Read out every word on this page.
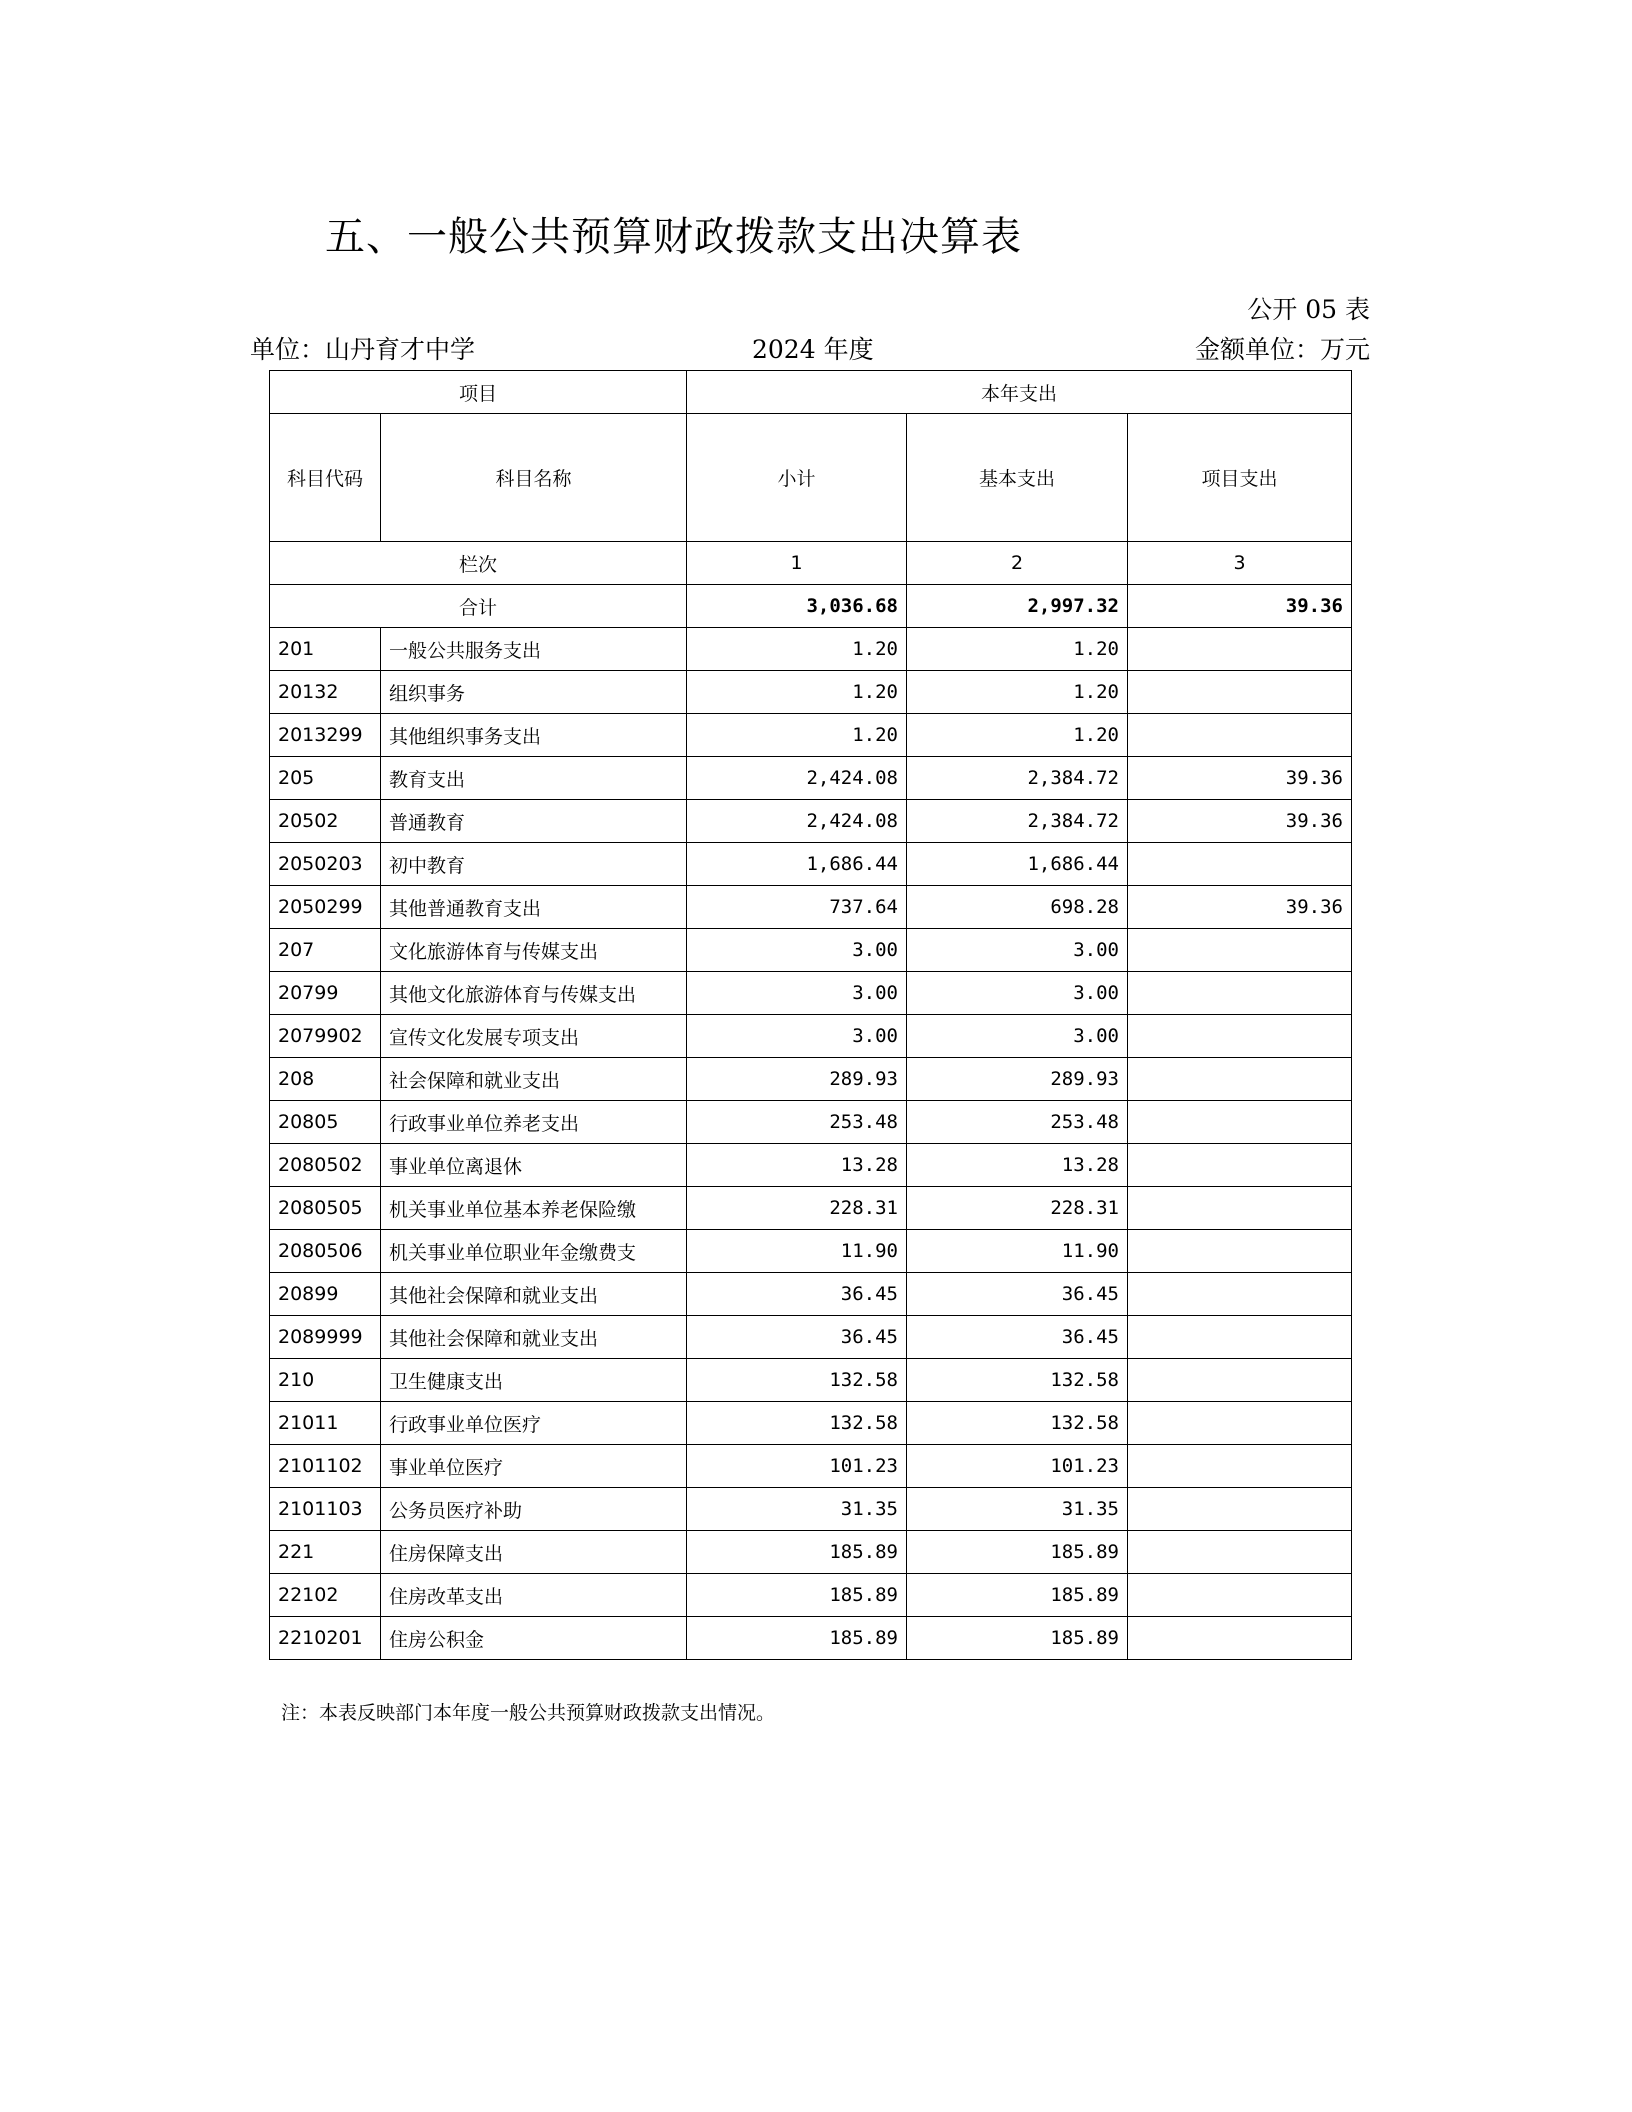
五、一般公共预算财政拨款支出决算表
公开 05 表
单位：山丹育才中学	2024 年度	金额单位：万元
项目		本年支出		
科目代码	科目名称	小计	基本支出	项目支出
栏次		1	2	3
合计		3,036.68	2,997.32	39.36
201	一般公共服务支出	1.20	1.20	
20132	组织事务	1.20	1.20	
2013299	其他组织事务支出	1.20	1.20	
205	教育支出	2,424.08	2,384.72	39.36
20502	普通教育	2,424.08	2,384.72	39.36
2050203	初中教育	1,686.44	1,686.44	
2050299	其他普通教育支出	737.64	698.28	39.36
207	文化旅游体育与传媒支出	3.00	3.00	
20799	其他文化旅游体育与传媒支出	3.00	3.00	
2079902	宣传文化发展专项支出	3.00	3.00	
208	社会保障和就业支出	289.93	289.93	
20805	行政事业单位养老支出	253.48	253.48	
2080502	事业单位离退休	13.28	13.28	
2080505	机关事业单位基本养老保险缴	228.31	228.31	
2080506	机关事业单位职业年金缴费支	11.90	11.90	
20899	其他社会保障和就业支出	36.45	36.45	
2089999	其他社会保障和就业支出	36.45	36.45	
210	卫生健康支出	132.58	132.58	
21011	行政事业单位医疗	132.58	132.58	
2101102	事业单位医疗	101.23	101.23	
2101103	公务员医疗补助	31.35	31.35	
221	住房保障支出	185.89	185.89	
22102	住房改革支出	185.89	185.89	
2210201	住房公积金	185.89	185.89	
注：本表反映部门本年度一般公共预算财政拨款支出情况。
